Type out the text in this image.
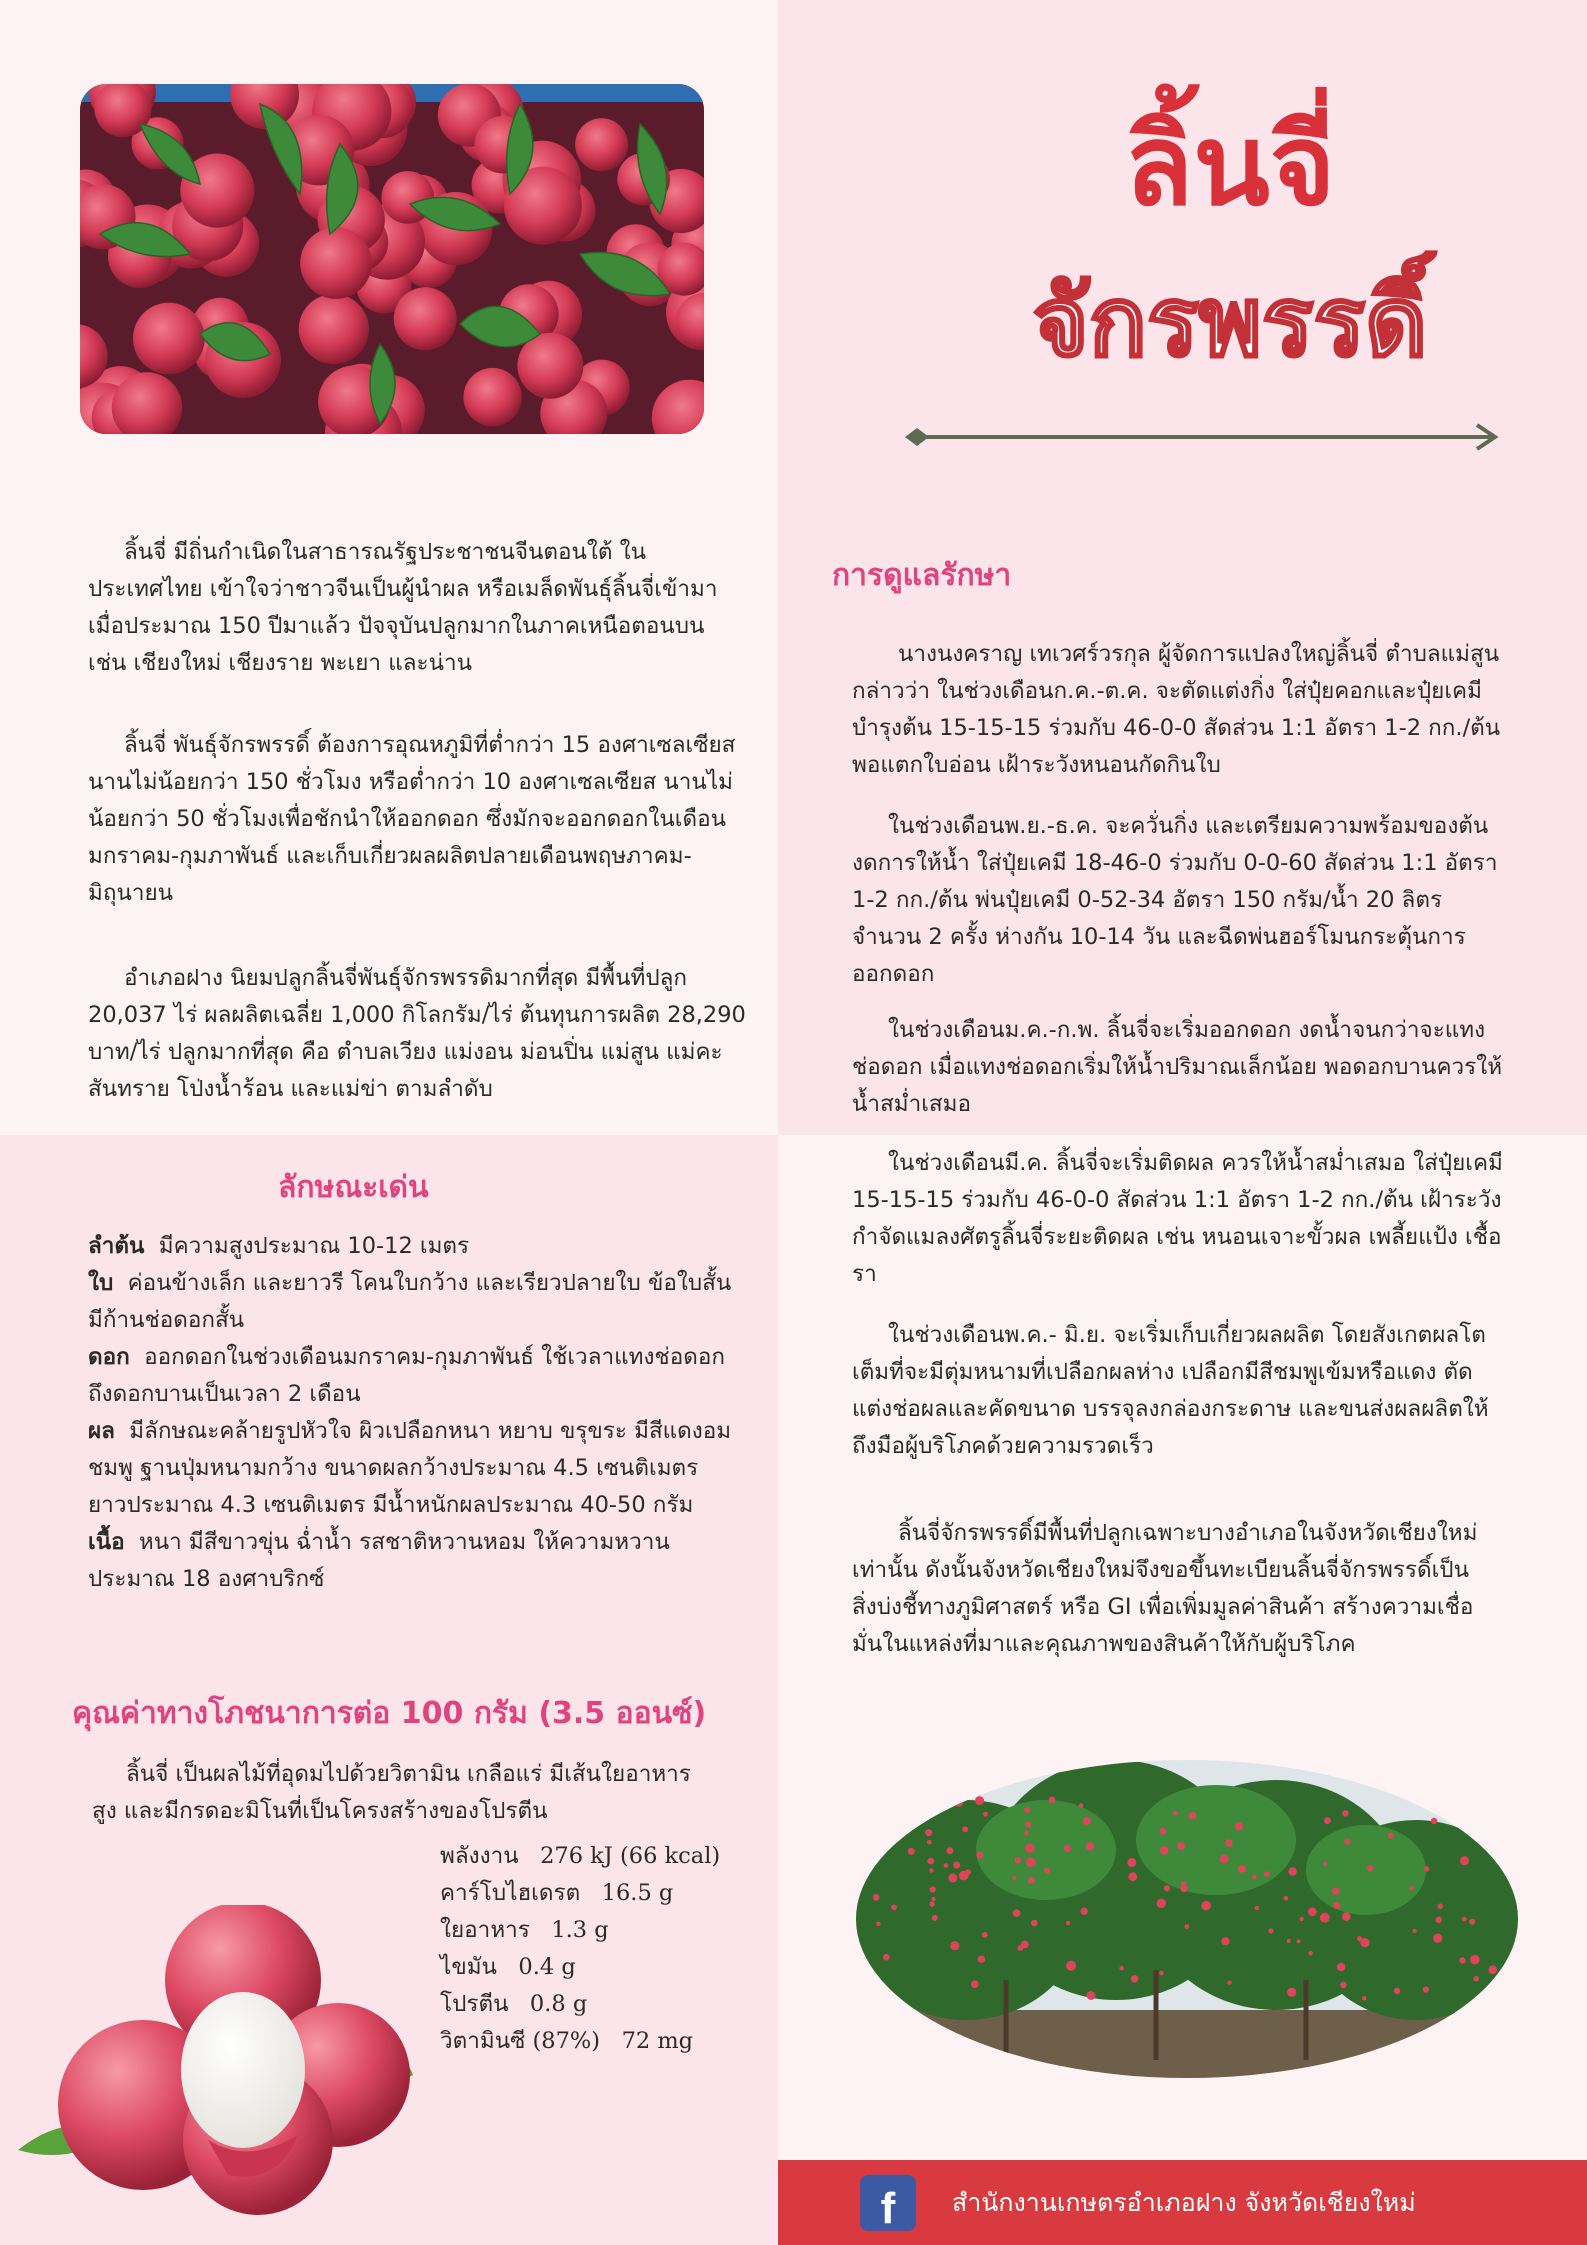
ลิ้นจี่
จักรพรรดิ์

ลิ้นจี่ มีถิ่นกำเนิดในสาธารณรัฐประชาชนจีนตอนใต้ ในประเทศไทย เข้าใจว่าชาวจีนเป็นผู้นำผล หรือเมล็ดพันธุ์ลิ้นจี่เข้ามาเมื่อประมาณ 150 ปีมาแล้ว ปัจจุบันปลูกมากในภาคเหนือตอนบน เช่น เชียงใหม่ เชียงราย พะเยา และน่าน

ลิ้นจี่ พันธุ์จักรพรรดิ์ ต้องการอุณหภูมิที่ต่ำกว่า 15 องศาเซลเซียส นานไม่น้อยกว่า 150 ชั่วโมง หรือต่ำกว่า 10 องศาเซลเซียส นานไม่น้อยกว่า 50 ชั่วโมงเพื่อชักนำให้ออกดอก ซึ่งมักจะออกดอกในเดือนมกราคม-กุมภาพันธ์ และเก็บเกี่ยวผลผลิตปลายเดือนพฤษภาคม-มิถุนายน

อำเภอฝาง นิยมปลูกลิ้นจี่พันธุ์จักรพรรดิมากที่สุด มีพื้นที่ปลูก 20,037 ไร่ ผลผลิตเฉลี่ย 1,000 กิโลกรัม/ไร่ ต้นทุนการผลิต 28,290 บาท/ไร่ ปลูกมากที่สุด คือ ตำบลเวียง แม่งอน ม่อนปิ่น แม่สูน แม่คะ สันทราย โป่งน้ำร้อน และแม่ข่า ตามลำดับ

การดูแลรักษา

นางนงคราญ เทเวศร์วรกุล ผู้จัดการแปลงใหญ่ลิ้นจี่ ตำบลแม่สูน กล่าวว่า ในช่วงเดือนก.ค.-ต.ค. จะตัดแต่งกิ่ง ใส่ปุ๋ยคอกและปุ๋ยเคมีบำรุงต้น 15-15-15 ร่วมกับ 46-0-0 สัดส่วน 1:1 อัตรา 1-2 กก./ต้น พอแตกใบอ่อน เฝ้าระวังหนอนกัดกินใบ

ในช่วงเดือนพ.ย.-ธ.ค. จะควั่นกิ่ง และเตรียมความพร้อมของต้น งดการให้น้ำ ใส่ปุ๋ยเคมี 18-46-0 ร่วมกับ 0-0-60 สัดส่วน 1:1 อัตรา 1-2 กก./ต้น พ่นปุ๋ยเคมี 0-52-34 อัตรา 150 กรัม/น้ำ 20 ลิตร จำนวน 2 ครั้ง ห่างกัน 10-14 วัน และฉีดพ่นฮอร์โมนกระตุ้นการออกดอก

ในช่วงเดือนม.ค.-ก.พ. ลิ้นจี่จะเริ่มออกดอก งดน้ำจนกว่าจะแทงช่อดอก เมื่อแทงช่อดอกเริ่มให้น้ำปริมาณเล็กน้อย พอดอกบานควรให้น้ำสม่ำเสมอ

ในช่วงเดือนมี.ค. ลิ้นจี่จะเริ่มติดผล ควรให้น้ำสม่ำเสมอ ใส่ปุ๋ยเคมี 15-15-15 ร่วมกับ 46-0-0 สัดส่วน 1:1 อัตรา 1-2 กก./ต้น เฝ้าระวังกำจัดแมลงศัตรูลิ้นจี่ระยะติดผล เช่น หนอนเจาะขั้วผล เพลี้ยแป้ง เชื้อรา

ในช่วงเดือนพ.ค.- มิ.ย. จะเริ่มเก็บเกี่ยวผลผลิต โดยสังเกตผลโตเต็มที่จะมีตุ่มหนามที่เปลือกผลห่าง เปลือกมีสีชมพูเข้มหรือแดง ตัดแต่งช่อผลและคัดขนาด บรรจุลงกล่องกระดาษ และขนส่งผลผลิตให้ถึงมือผู้บริโภคด้วยความรวดเร็ว

ลิ้นจี่จักรพรรดิ์มีพื้นที่ปลูกเฉพาะบางอำเภอในจังหวัดเชียงใหม่เท่านั้น ดังนั้นจังหวัดเชียงใหม่จึงขอขึ้นทะเบียนลิ้นจี่จักรพรรดิ์เป็นสิ่งบ่งชี้ทางภูมิศาสตร์ หรือ GI เพื่อเพิ่มมูลค่าสินค้า สร้างความเชื่อมั่นในแหล่งที่มาและคุณภาพของสินค้าให้กับผู้บริโภค

ลักษณะเด่น
ลำต้น มีความสูงประมาณ 10-12 เมตร
ใบ ค่อนข้างเล็ก และยาวรี โคนใบกว้าง และเรียวปลายใบ ข้อใบสั้น มีก้านช่อดอกสั้น
ดอก ออกดอกในช่วงเดือนมกราคม-กุมภาพันธ์ ใช้เวลาแทงช่อดอกถึงดอกบานเป็นเวลา 2 เดือน
ผล มีลักษณะคล้ายรูปหัวใจ ผิวเปลือกหนา หยาบ ขรุขระ มีสีแดงอมชมพู ฐานปุ่มหนามกว้าง ขนาดผลกว้างประมาณ 4.5 เซนติเมตร ยาวประมาณ 4.3 เซนติเมตร มีน้ำหนักผลประมาณ 40-50 กรัม
เนื้อ หนา มีสีขาวขุ่น ฉ่ำน้ำ รสชาติหวานหอม ให้ความหวานประมาณ 18 องศาบริกซ์
คุณค่าทางโภชนาการต่อ 100 กรัม (3.5 ออนซ์)

ลิ้นจี่ เป็นผลไม้ที่อุดมไปด้วยวิตามิน เกลือแร่ มีเส้นใยอาหารสูง และมีกรดอะมิโนที่เป็นโครงสร้างของโปรตีน

พลังงาน 276 kJ (66 kcal)
คาร์โบไฮเดรต 16.5 g
ใยอาหาร 1.3 g
ไขมัน 0.4 g
โปรตีน 0.8 g
วิตามินซี (87%) 72 mg
f	สำนักงานเกษตรอำเภอฝาง จังหวัดเชียงใหม่
